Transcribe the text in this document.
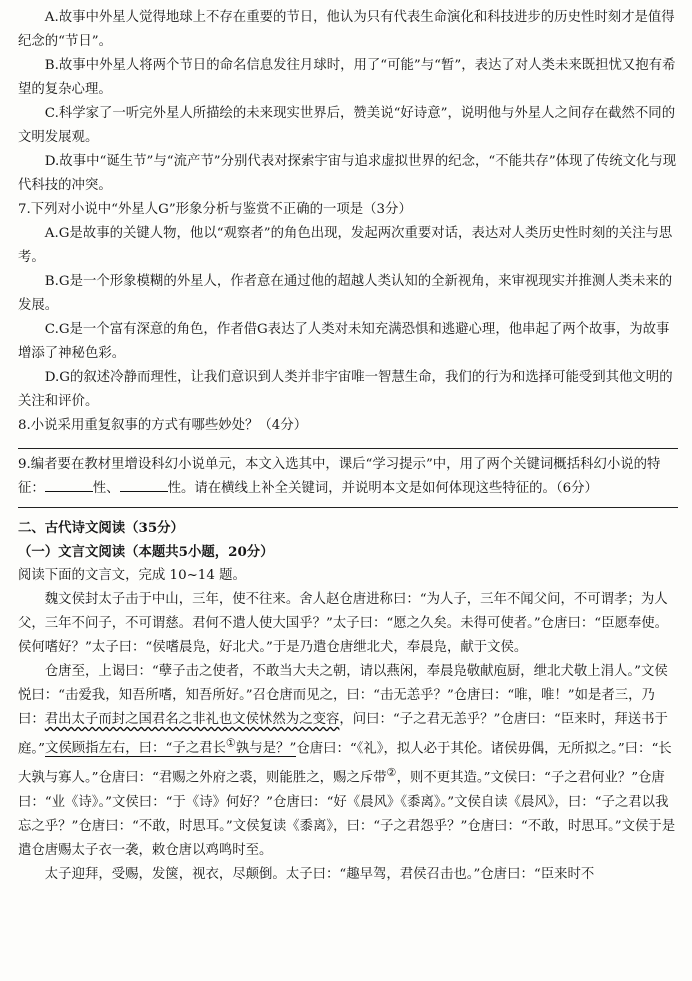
A.故事中外星人觉得地球上不存在重要的节日，他认为只有代表生命演化和科技进步的历史性时刻才是值得纪念的“节日”。

B.故事中外星人将两个节日的命名信息发往月球时，用了“可能”与“暂”，表达了对人类未来既担忧又抱有希望的复杂心理。

C.科学家了一听完外星人所描绘的未来现实世界后，赞美说“好诗意”，说明他与外星人之间存在截然不同的文明发展观。

D.故事中“诞生节”与“流产节”分别代表对探索宇宙与追求虚拟世界的纪念，“不能共存”体现了传统文化与现代科技的冲突。

7.下列对小说中“外星人G”形象分析与鉴赏不正确的一项是（3分）

A.G是故事的关键人物，他以“观察者”的角色出现，发起两次重要对话，表达对人类历史性时刻的关注与思考。

B.G是一个形象模糊的外星人，作者意在通过他的超越人类认知的全新视角，来审视现实并推测人类未来的发展。

C.G是一个富有深意的角色，作者借G表达了人类对未知充满恐惧和逃避心理，他串起了两个故事，为故事增添了神秘色彩。

D.G的叙述冷静而理性，让我们意识到人类并非宇宙唯一智慧生命，我们的行为和选择可能受到其他文明的关注和评价。

8.小说采用重复叙事的方式有哪些妙处？（4分）

9.编者要在教材里增设科幻小说单元，本文入选其中，课后“学习提示”中，用了两个关键词概括科幻小说的特征：	性、	性。请在横线上补全关键词，并说明本文是如何体现这些特征的。（6分）

二、古代诗文阅读（35分）

（一）文言文阅读（本题共5小题，20分）

阅读下面的文言文，完成 10~14 题。

魏文侯封太子击于中山，三年，使不往来。舍人赵仓唐进称曰：“为人子，三年不闻父问，不可谓孝；为人父，三年不问子，不可谓慈。君何不遣人使大国乎？”太子曰：“愿之久矣。未得可使者。”仓唐曰：“臣愿奉使。侯何嗜好？”太子曰：“侯嗜晨凫，好北犬。”于是乃遣仓唐绁北犬，奉晨凫，献于文侯。

仓唐至，上谒曰：“孽子击之使者，不敢当大夫之朝，请以燕闲，奉晨凫敬献庖厨，绁北犬敬上涓人。”文侯悦曰：“击爱我，知吾所嗜，知吾所好。”召仓唐而见之，曰：“击无恙乎？”仓唐曰：“唯，唯！”如是者三，乃曰：君出太子而封之国君名之非礼也文侯怵然为之变容，问曰：“子之君无恙乎？”仓唐曰：“臣来时，拜送书于庭。”文侯顾指左右，曰：“子之君长①孰与是？”仓唐曰：“《礼》，拟人必于其伦。诸侯毋偶，无所拟之。”曰：“长大孰与寡人。”仓唐曰：“君赐之外府之裘，则能胜之，赐之斥带②，则不更其造。”文侯曰：“子之君何业？”仓唐曰：“业《诗》。”文侯曰：“于《诗》何好？”仓唐曰：“好《晨风》《黍离》。”文侯自读《晨风》，曰：“子之君以我忘之乎？”仓唐曰：“不敢，时思耳。”文侯复读《黍离》，曰：“子之君怨乎？”仓唐曰：“不敢，时思耳。”文侯于是遣仓唐赐太子衣一袭，敕仓唐以鸡鸣时至。

太子迎拜，受赐，发箧，视衣，尽颠倒。太子曰：“趣早驾，君侯召击也。”仓唐曰：“臣来时不
